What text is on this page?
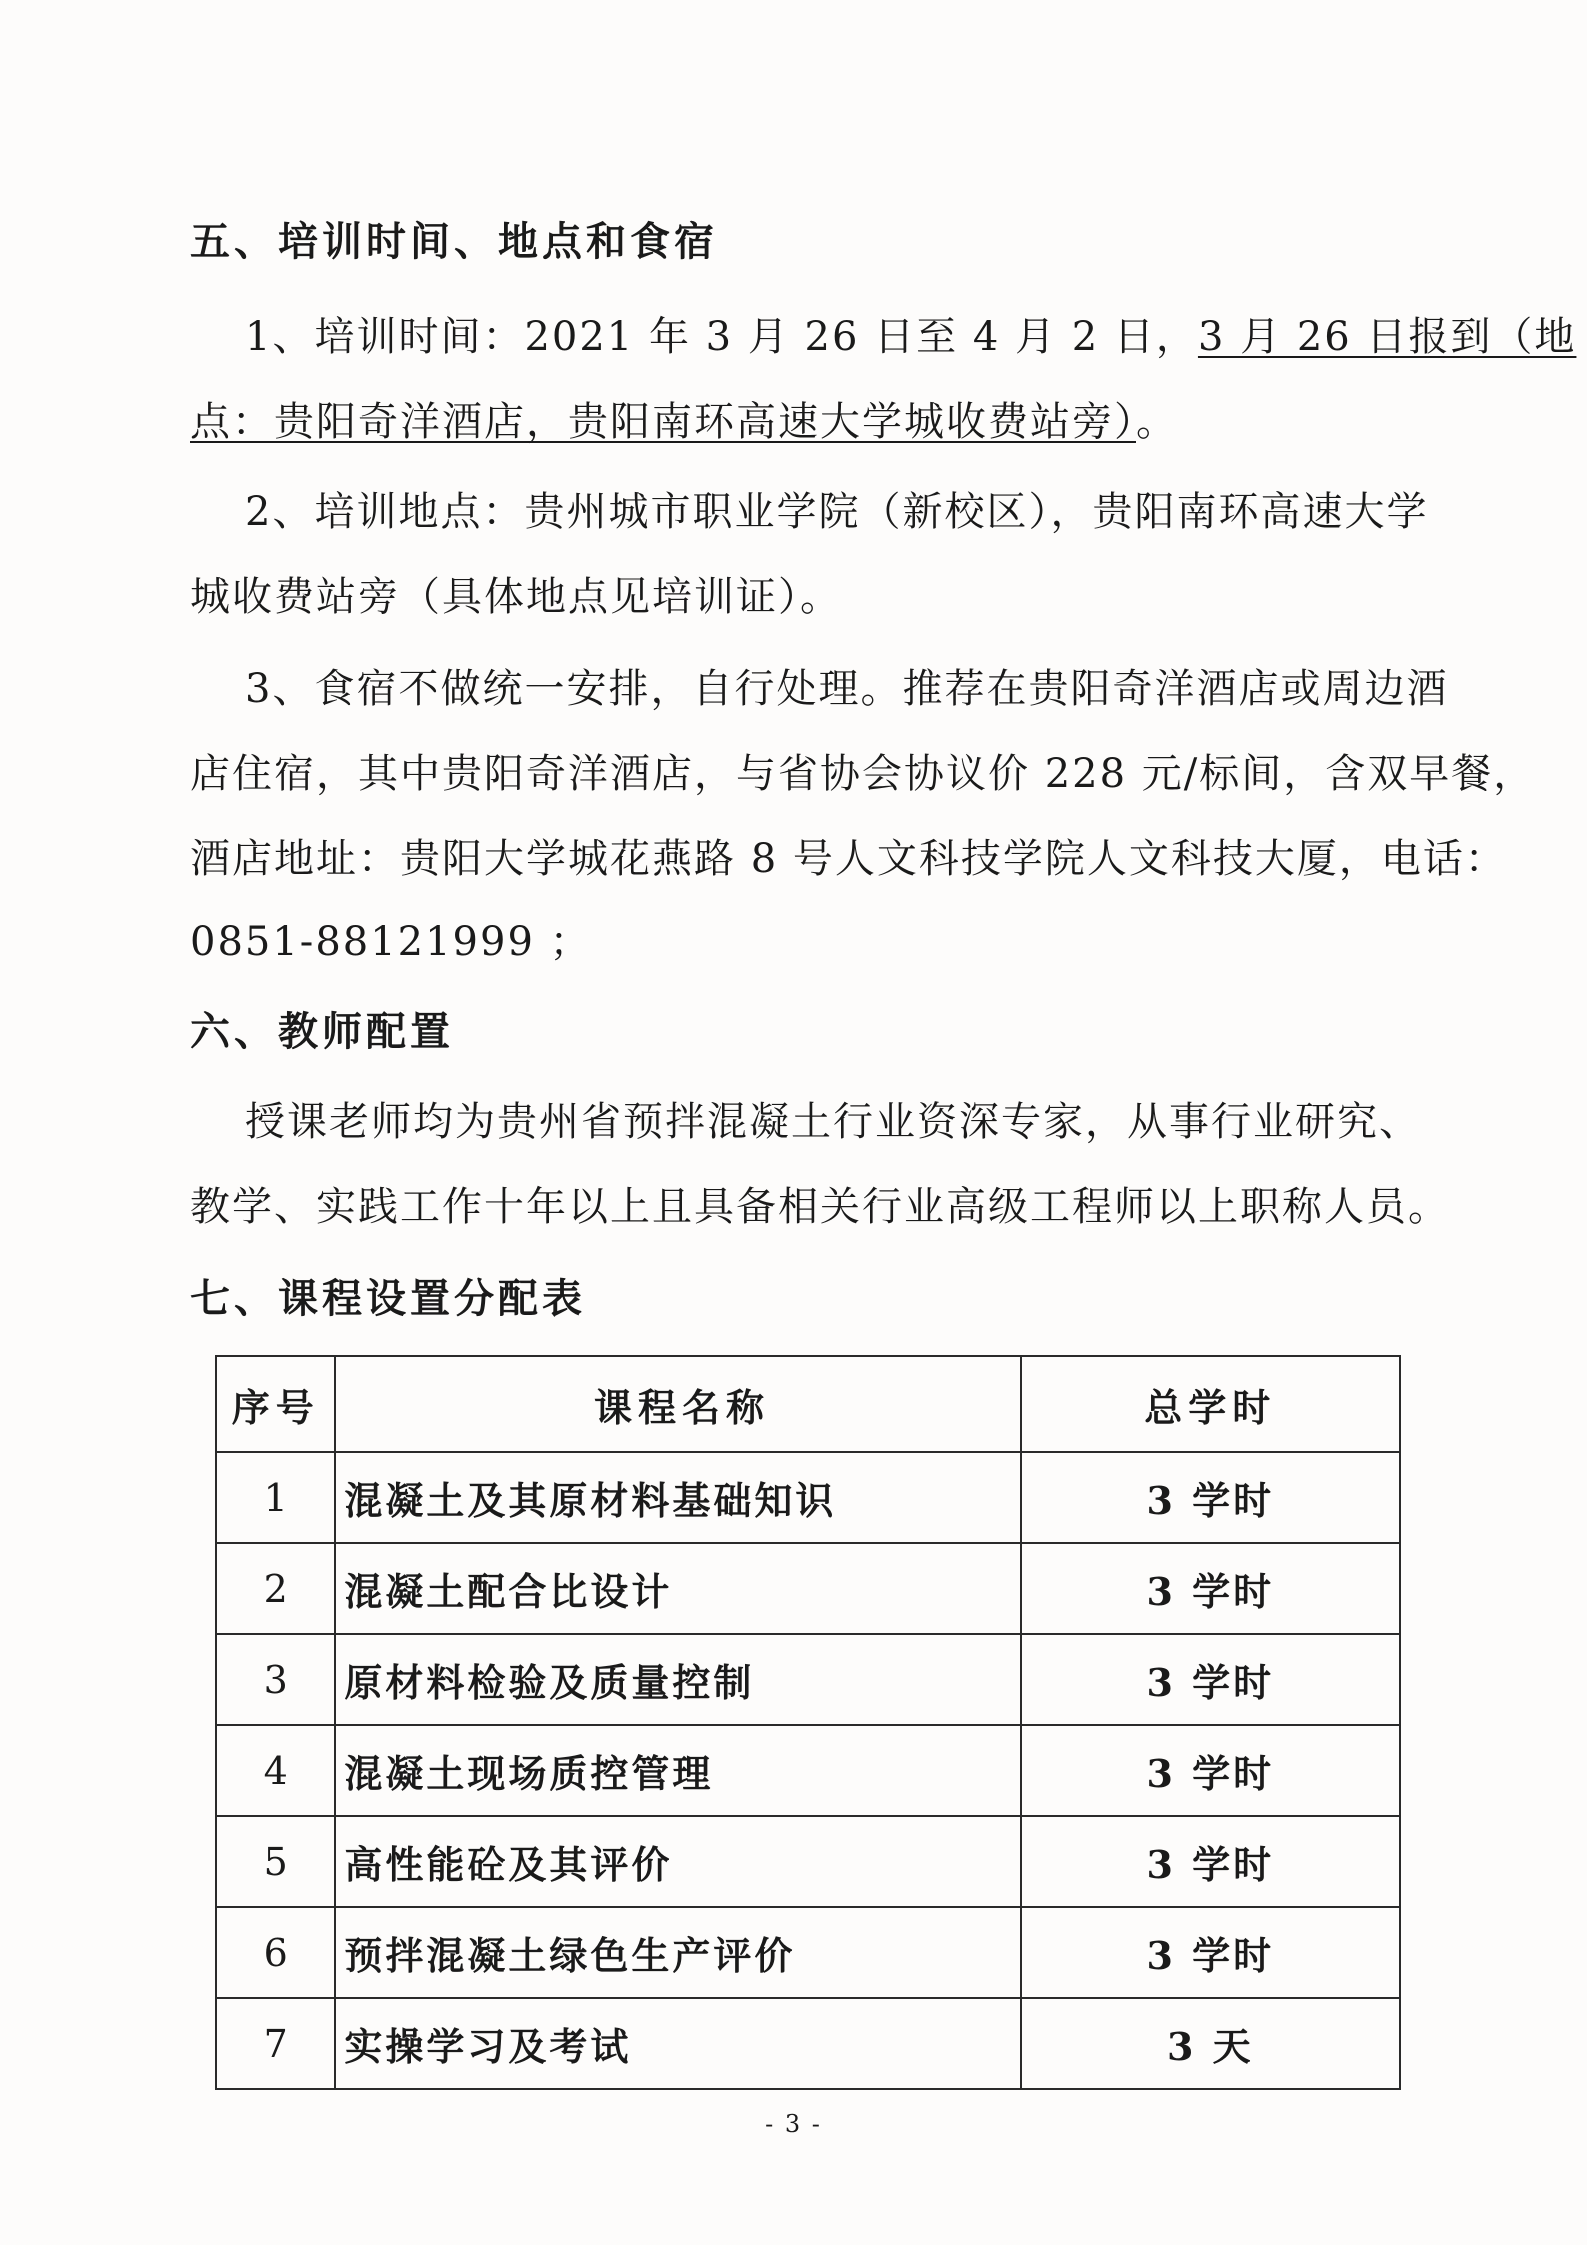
五、培训时间、地点和食宿
1、培训时间：2021 年 3 月 26 日至 4 月 2 日，3 月 26 日报到（地
点：贵阳奇洋酒店，贵阳南环高速大学城收费站旁）。
2、培训地点：贵州城市职业学院（新校区），贵阳南环高速大学
城收费站旁（具体地点见培训证）。
3、食宿不做统一安排，自行处理。推荐在贵阳奇洋酒店或周边酒
店住宿，其中贵阳奇洋酒店，与省协会协议价 228 元/标间，含双早餐，
酒店地址：贵阳大学城花燕路 8 号人文科技学院人文科技大厦，电话：
0851-88121999 ；
六、教师配置
授课老师均为贵州省预拌混凝土行业资深专家，从事行业研究、
教学、实践工作十年以上且具备相关行业高级工程师以上职称人员。
七、课程设置分配表
序号	课程名称	总学时
1	混凝土及其原材料基础知识	3 学时
2	混凝土配合比设计	3 学时
3	原材料检验及质量控制	3 学时
4	混凝土现场质控管理	3 学时
5	高性能砼及其评价	3 学时
6	预拌混凝土绿色生产评价	3 学时
7	实操学习及考试	3 天
- 3 -
